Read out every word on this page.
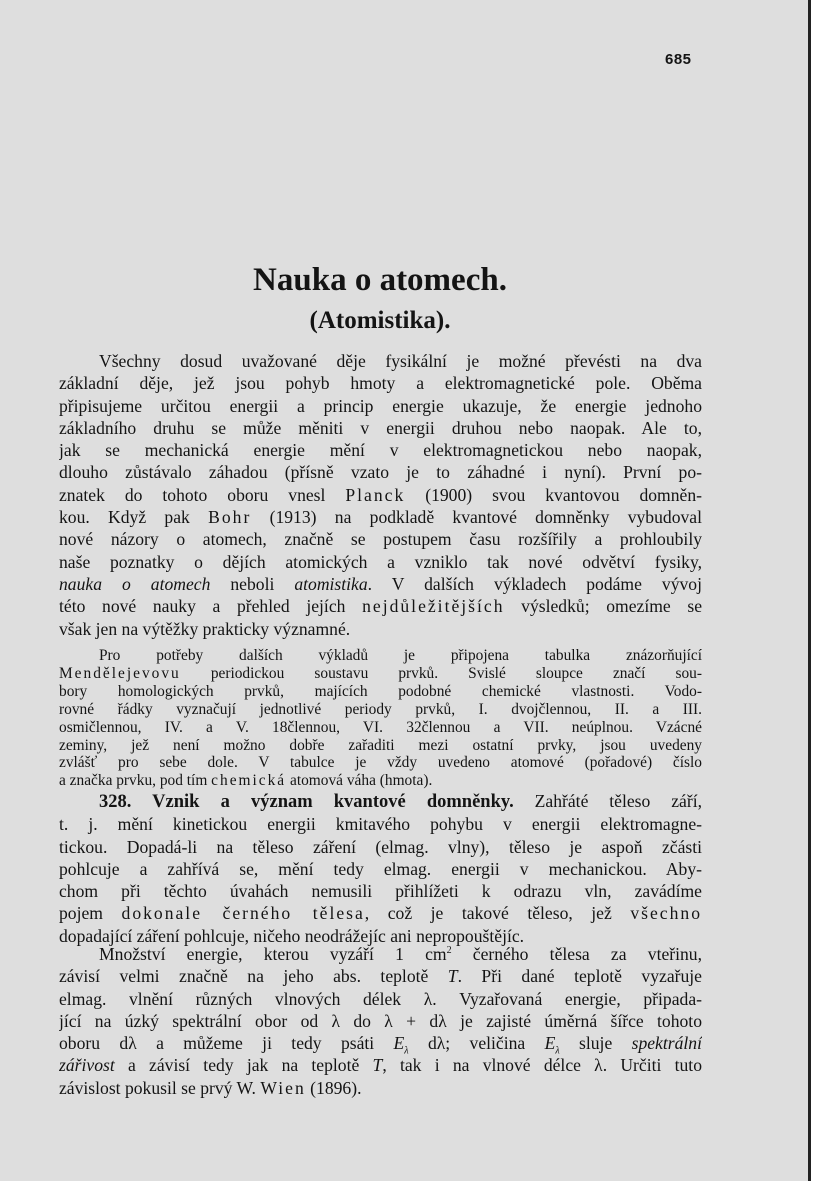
685
Nauka o atomech.
(Atomistika).
Všechny dosud uvažované děje fysikální je možné převésti na dva
základní děje, jež jsou pohyb hmoty a elektromagnetické pole. Oběma
připisujeme určitou energii a princip energie ukazuje, že energie jednoho
základního druhu se může měniti v energii druhou nebo naopak. Ale to,
jak se mechanická energie mění v elektromagnetickou nebo naopak,
dlouho zůstávalo záhadou (přísně vzato je to záhadné i nyní). První po-
znatek do tohoto oboru vnesl Planck (1900) svou kvantovou domněn-
kou. Když pak Bohr (1913) na podkladě kvantové domněnky vybudoval
nové názory o atomech, značně se postupem času rozšířily a prohloubily
naše poznatky o dějích atomických a vzniklo tak nové odvětví fysiky,
nauka o atomech neboli atomistika. V dalších výkladech podáme vývoj
této nové nauky a přehled jejích nejdůležitějších výsledků; omezíme se
však jen na výtěžky prakticky významné.
Pro potřeby dalších výkladů je připojena tabulka znázorňující
Mendělejevovu periodickou soustavu prvků. Svislé sloupce značí sou-
bory homologických prvků, majících podobné chemické vlastnosti. Vodo-
rovné řádky vyznačují jednotlivé periody prvků, I. dvojčlennou, II. a III.
osmičlennou, IV. a V. 18člennou, VI. 32člennou a VII. neúplnou. Vzácné
zeminy, jež není možno dobře zařaditi mezi ostatní prvky, jsou uvedeny
zvlášť pro sebe dole. V tabulce je vždy uvedeno atomové (pořadové) číslo
a značka prvku, pod tím chemická atomová váha (hmota).
328. Vznik a význam kvantové domněnky. Zahřáté těleso září,
t. j. mění kinetickou energii kmitavého pohybu v energii elektromagne-
tickou. Dopadá-li na těleso záření (elmag. vlny), těleso je aspoň zčásti
pohlcuje a zahřívá se, mění tedy elmag. energii v mechanickou. Aby-
chom při těchto úvahách nemusili přihlížeti k odrazu vln, zavádíme
pojem dokonale černého tělesa, což je takové těleso, jež všechno
dopadající záření pohlcuje, ničeho neodrážejíc ani nepropouštějíc.
Množství energie, kterou vyzáří 1 $cm^2$ černého tělesa za vteřinu,
závisí velmi značně na jeho abs. teplotě T. Při dané teplotě vyzařuje
elmag. vlnění různých vlnových délek λ. Vyzařovaná energie, připada-
jící na úzký spektrální obor od λ do λ + dλ je zajisté úměrná šířce tohoto
oboru dλ a můžeme ji tedy psáti $E_\lambda$ dλ; veličina $E_\lambda$ sluje spektrální
zářivost a závisí tedy jak na teplotě T, tak i na vlnové délce λ. Určiti tuto
závislost pokusil se prvý W. Wien (1896).
